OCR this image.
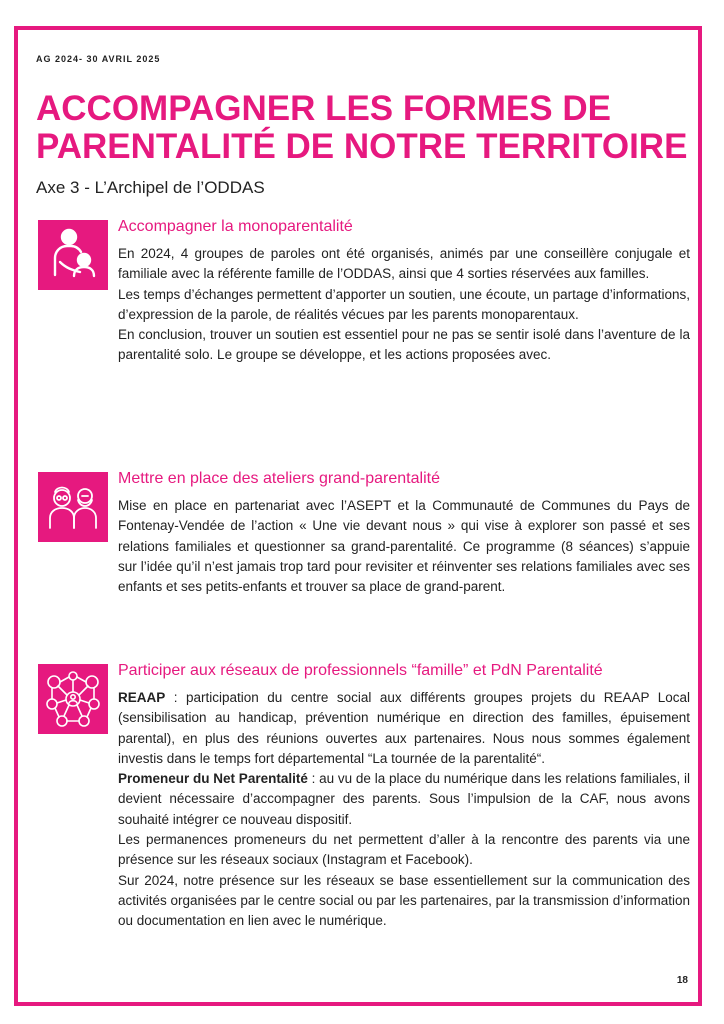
AG 2024- 30 AVRIL 2025
ACCOMPAGNER LES FORMES DE PARENTALITÉ DE NOTRE TERRITOIRE
Axe 3 - L’Archipel de l’ODDAS
Accompagner la monoparentalité

En 2024, 4 groupes de paroles ont été organisés, animés par une conseillère conjugale et familiale avec la référente famille de l’ODDAS, ainsi que 4 sorties réservées aux familles.

Les temps d’échanges permettent d’apporter un soutien, une écoute, un partage d’informations, d’expression de la parole, de réalités vécues par les parents monoparentaux.

En conclusion, trouver un soutien est essentiel pour ne pas se sentir isolé dans l’aventure de la parentalité solo. Le groupe se développe, et les actions proposées avec.

Mettre en place des ateliers grand-parentalité

Mise en place en partenariat avec l’ASEPT et la Communauté de Communes du Pays de Fontenay-Vendée de l’action « Une vie devant nous » qui vise à explorer son passé et ses relations familiales et questionner sa grand-parentalité. Ce programme (8 séances) s’appuie sur l’idée qu’il n’est jamais trop tard pour revisiter et réinventer ses relations familiales avec ses enfants et ses petits-enfants et trouver sa place de grand-parent.

Participer aux réseaux de professionnels “famille” et PdN Parentalité

REAAP : participation du centre social aux différents groupes projets du REAAP Local (sensibilisation au handicap, prévention numérique en direction des familles, épuisement parental), en plus des réunions ouvertes aux partenaires. Nous nous sommes également investis dans le temps fort départemental “La tournée de la parentalité“.

Promeneur du Net Parentalité : au vu de la place du numérique dans les relations familiales, il devient nécessaire d’accompagner des parents. Sous l’impulsion de la CAF, nous avons souhaité intégrer ce nouveau dispositif.

Les permanences promeneurs du net permettent d’aller à la rencontre des parents via une présence sur les réseaux sociaux (Instagram et Facebook).

Sur 2024, notre présence sur les réseaux se base essentiellement sur la communication des activités organisées par le centre social ou par les partenaires, par la transmission d’information ou documentation en lien avec le numérique.

18
